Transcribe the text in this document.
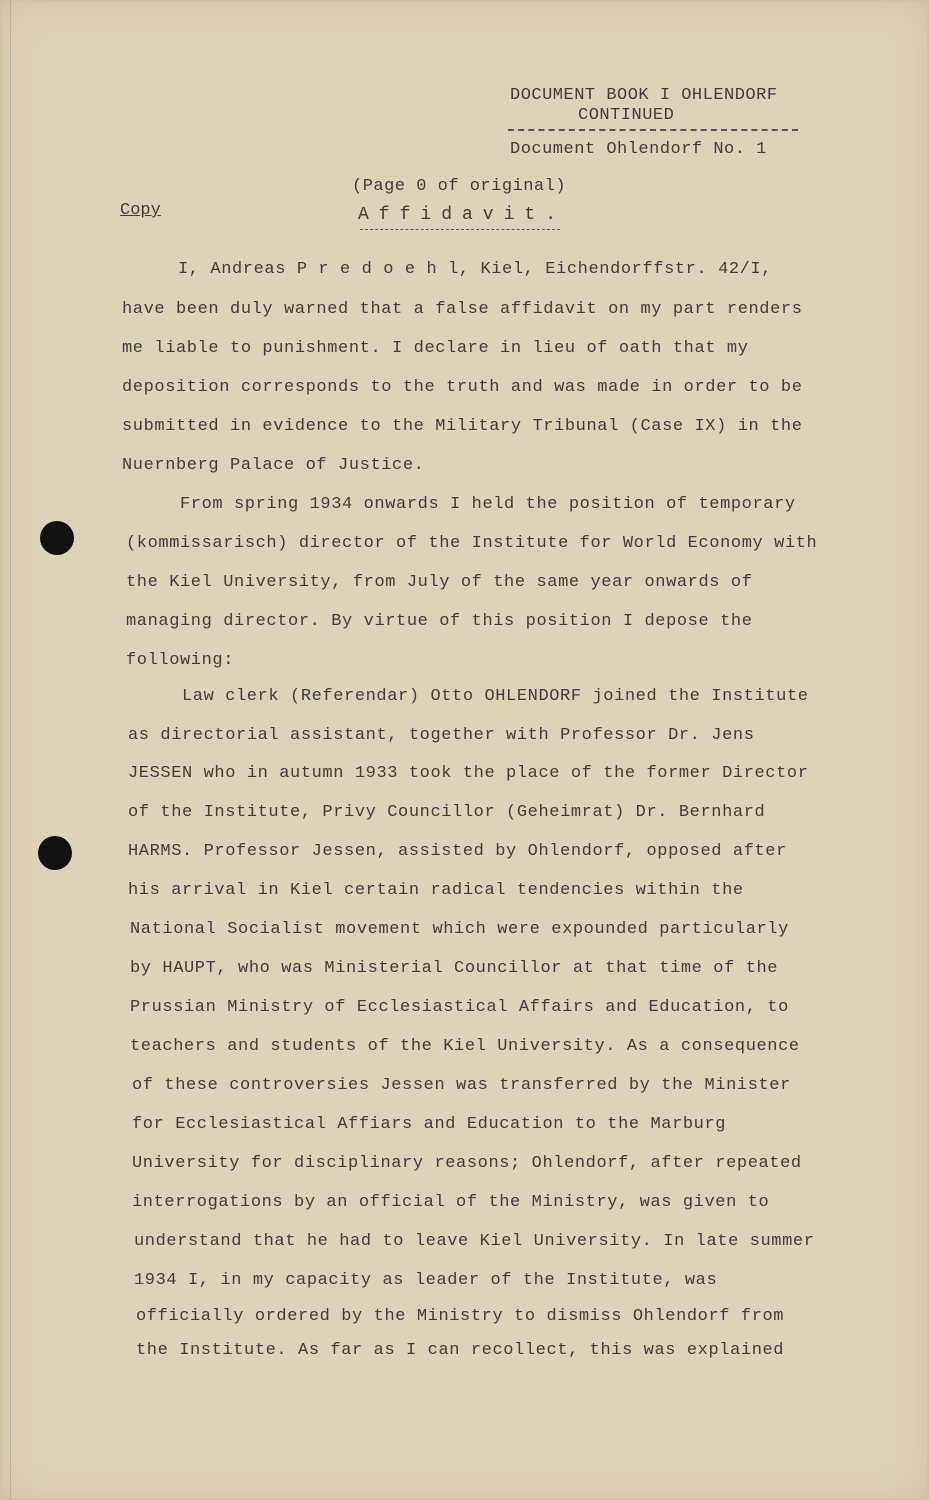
DOCUMENT BOOK I OHLENDORF
CONTINUED
Document Ohlendorf No. 1
(Page 0 of original)
Copy	Affidavit.
I, Andreas P r e d o e h l, Kiel, Eichendorffstr. 42/I,
have been duly warned that a false affidavit on my part renders
me liable to punishment. I declare in lieu of oath that my
deposition corresponds to the truth and was made in order to be
submitted in evidence to the Military Tribunal (Case IX) in the
Nuernberg Palace of Justice.
From spring 1934 onwards I held the position of temporary
(kommissarisch) director of the Institute for World Economy with
the Kiel University, from July of the same year onwards of
managing director. By virtue of this position I depose the
following:
Law clerk (Referendar) Otto OHLENDORF joined the Institute
as directorial assistant, together with Professor Dr. Jens
JESSEN who in autumn 1933 took the place of the former Director
of the Institute, Privy Councillor (Geheimrat) Dr. Bernhard
HARMS. Professor Jessen, assisted by Ohlendorf, opposed after
his arrival in Kiel certain radical tendencies within the
National Socialist movement which were expounded particularly
by HAUPT, who was Ministerial Councillor at that time of the
Prussian Ministry of Ecclesiastical Affairs and Education, to
teachers and students of the Kiel University. As a consequence
of these controversies Jessen was transferred by the Minister
for Ecclesiastical Affiars and Education to the Marburg
University for disciplinary reasons; Ohlendorf, after repeated
interrogations by an official of the Ministry, was given to
understand that he had to leave Kiel University. In late summer
1934 I, in my capacity as leader of the Institute, was
officially ordered by the Ministry to dismiss Ohlendorf from
the Institute. As far as I can recollect, this was explained
